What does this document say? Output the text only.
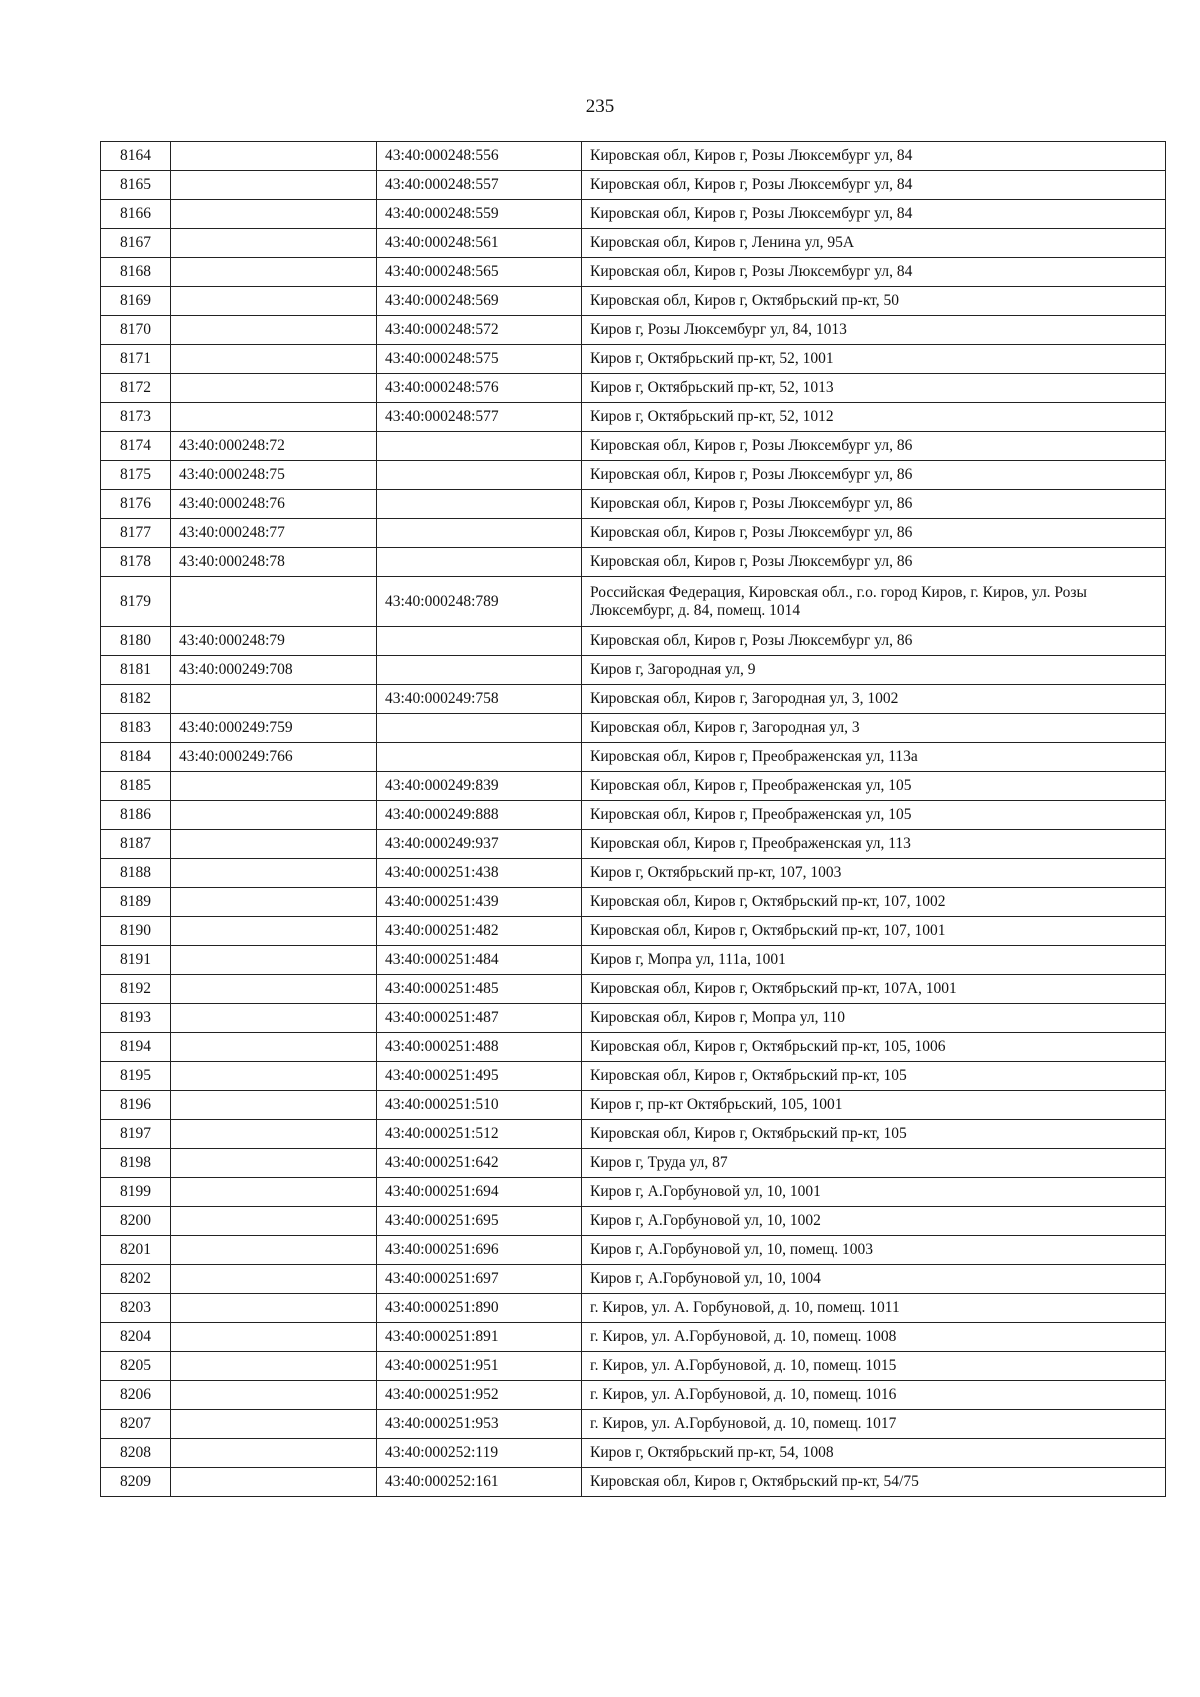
235
8164		43:40:000248:556	Кировская обл, Киров г, Розы Люксембург ул, 84
8165		43:40:000248:557	Кировская обл, Киров г, Розы Люксембург ул, 84
8166		43:40:000248:559	Кировская обл, Киров г, Розы Люксембург ул, 84
8167		43:40:000248:561	Кировская обл, Киров г, Ленина ул, 95А
8168		43:40:000248:565	Кировская обл, Киров г, Розы Люксембург ул, 84
8169		43:40:000248:569	Кировская обл, Киров г, Октябрьский пр-кт, 50
8170		43:40:000248:572	Киров г, Розы Люксембург ул, 84, 1013
8171		43:40:000248:575	Киров г, Октябрьский пр-кт, 52, 1001
8172		43:40:000248:576	Киров г, Октябрьский пр-кт, 52, 1013
8173		43:40:000248:577	Киров г, Октябрьский пр-кт, 52, 1012
8174	43:40:000248:72		Кировская обл, Киров г, Розы Люксембург ул, 86
8175	43:40:000248:75		Кировская обл, Киров г, Розы Люксембург ул, 86
8176	43:40:000248:76		Кировская обл, Киров г, Розы Люксембург ул, 86
8177	43:40:000248:77		Кировская обл, Киров г, Розы Люксембург ул, 86
8178	43:40:000248:78		Кировская обл, Киров г, Розы Люксембург ул, 86
8179		43:40:000248:789	Российская Федерация, Кировская обл., г.о. город Киров, г. Киров, ул. Розы Люксембург, д. 84, помещ. 1014
8180	43:40:000248:79		Кировская обл, Киров г, Розы Люксембург ул, 86
8181	43:40:000249:708		Киров г, Загородная ул, 9
8182		43:40:000249:758	Кировская обл, Киров г, Загородная ул, 3, 1002
8183	43:40:000249:759		Кировская обл, Киров г, Загородная ул, 3
8184	43:40:000249:766		Кировская обл, Киров г, Преображенская ул, 113а
8185		43:40:000249:839	Кировская обл, Киров г, Преображенская ул, 105
8186		43:40:000249:888	Кировская обл, Киров г, Преображенская ул, 105
8187		43:40:000249:937	Кировская обл, Киров г, Преображенская ул, 113
8188		43:40:000251:438	Киров г, Октябрьский пр-кт, 107, 1003
8189		43:40:000251:439	Кировская обл, Киров г, Октябрьский пр-кт, 107, 1002
8190		43:40:000251:482	Кировская обл, Киров г, Октябрьский пр-кт, 107, 1001
8191		43:40:000251:484	Киров г, Мопра ул, 111а, 1001
8192		43:40:000251:485	Кировская обл, Киров г, Октябрьский пр-кт, 107А, 1001
8193		43:40:000251:487	Кировская обл, Киров г, Мопра ул, 110
8194		43:40:000251:488	Кировская обл, Киров г, Октябрьский пр-кт, 105, 1006
8195		43:40:000251:495	Кировская обл, Киров г, Октябрьский пр-кт, 105
8196		43:40:000251:510	Киров г, пр-кт Октябрьский, 105, 1001
8197		43:40:000251:512	Кировская обл, Киров г, Октябрьский пр-кт, 105
8198		43:40:000251:642	Киров г, Труда ул, 87
8199		43:40:000251:694	Киров г, А.Горбуновой ул, 10, 1001
8200		43:40:000251:695	Киров г, А.Горбуновой ул, 10, 1002
8201		43:40:000251:696	Киров г, А.Горбуновой ул, 10, помещ. 1003
8202		43:40:000251:697	Киров г, А.Горбуновой ул, 10, 1004
8203		43:40:000251:890	г. Киров, ул. А. Горбуновой, д. 10, помещ. 1011
8204		43:40:000251:891	г. Киров, ул. А.Горбуновой, д. 10, помещ. 1008
8205		43:40:000251:951	г. Киров, ул. А.Горбуновой, д. 10, помещ. 1015
8206		43:40:000251:952	г. Киров, ул. А.Горбуновой, д. 10, помещ. 1016
8207		43:40:000251:953	г. Киров, ул. А.Горбуновой, д. 10, помещ. 1017
8208		43:40:000252:119	Киров г, Октябрьский пр-кт, 54, 1008
8209		43:40:000252:161	Кировская обл, Киров г, Октябрьский пр-кт, 54/75
